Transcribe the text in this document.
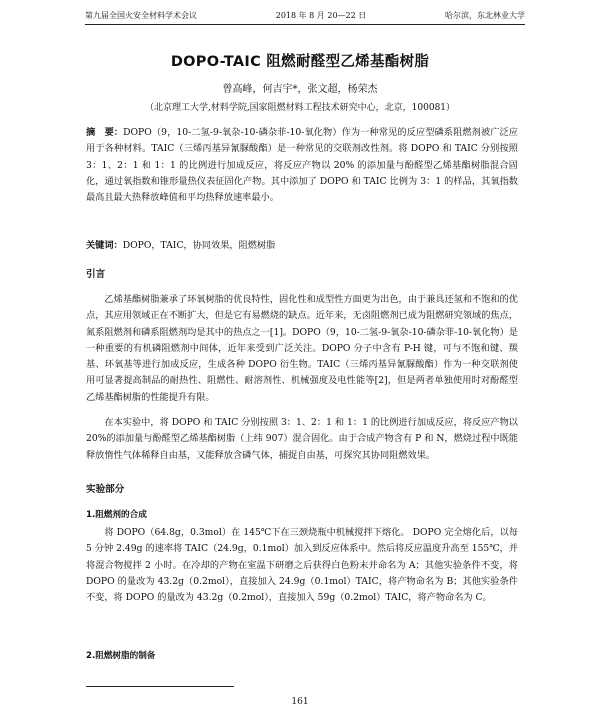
第九届全国火安全材料学术会议	2018 年 8 月 20—22 日	哈尔滨，东北林业大学
DOPO-TAIC 阻燃耐醛型乙烯基酯树脂
曾高峰，何吉宇*，张文超，杨荣杰
（北京理工大学,材料学院,国家阻燃材料工程技术研究中心，北京，100081）
摘　要：DOPO（9，10-二氢-9-氧杂-10-磷杂菲-10-氧化物）作为一种常见的反应型磷系阻燃剂被广泛应用于各种材料。TAIC（三烯丙基异氰脲酸酯）是一种常见的交联剂改性剂。将 DOPO 和 TAIC 分别按照 3：1、2：1 和 1：1 的比例进行加成反应，将反应产物以 20% 的添加量与酚醛型乙烯基酯树脂混合固化，通过氧指数和锥形量热仪表征固化产物。其中添加了 DOPO 和 TAIC 比例为 3：1 的样品，其氧指数最高且最大热释放峰值和平均热释放速率最小。
关键词：DOPO，TAIC，协同效果，阻燃树脂
引言
乙烯基酯树脂兼承了环氧树脂的优良特性，固化性和成型性方面更为出色，由于兼具还氢和不饱和的优点，其应用领域正在不断扩大，但是它有易燃烧的缺点。近年来，无卤阻燃剂已成为阻燃研究领域的焦点，氮系阻燃剂和磷系阻燃剂均是其中的热点之一[1]。DOPO（9，10-二氢-9-氧杂-10-磷杂菲-10-氧化物）是一种重要的有机磷阻燃剂中间体，近年来受到广泛关注。DOPO 分子中含有 P-H 键，可与不饱和键、羰基、环氧基等进行加成反应，生成各种 DOPO 衍生物。TAIC（三烯丙基异氰脲酸酯）作为一种交联剂使用可显著提高制品的耐热性、阻燃性、耐溶剂性、机械强度及电性能等[2]，但是两者单独使用时对酚醛型乙烯基酯树脂的性能提升有限。
在本实验中，将 DOPO 和 TAIC 分别按照 3：1、2：1 和 1：1 的比例进行加成反应，将反应产物以 20%的添加量与酚醛型乙烯基酯树脂（上纬 907）混合固化。由于合成产物含有 P 和 N，燃烧过程中既能释放惰性气体稀释自由基，又能释放含磷气体，捕捉自由基，可探究其协同阻燃效果。
实验部分
1.阻燃剂的合成
将 DOPO（64.8g，0.3mol）在 145℃下在三颈烧瓶中机械搅拌下熔化。 DOPO 完全熔化后，以每 5 分钟 2.49g 的速率将 TAIC（24.9g，0.1mol）加入到反应体系中。然后将反应温度升高至 155℃，并将混合物搅拌 2 小时。在冷却的产物在室温下研磨之后获得白色粉末并命名为 A；其他实验条件不变，将 DOPO 的量改为 43.2g（0.2mol），直接加入 24.9g（0.1mol）TAIC，将产物命名为 B；其他实验条件不变，将 DOPO 的量改为 43.2g（0.2mol），直接加入 59g（0.2mol）TAIC，将产物命名为 C。
2.阻燃树脂的制备
161
